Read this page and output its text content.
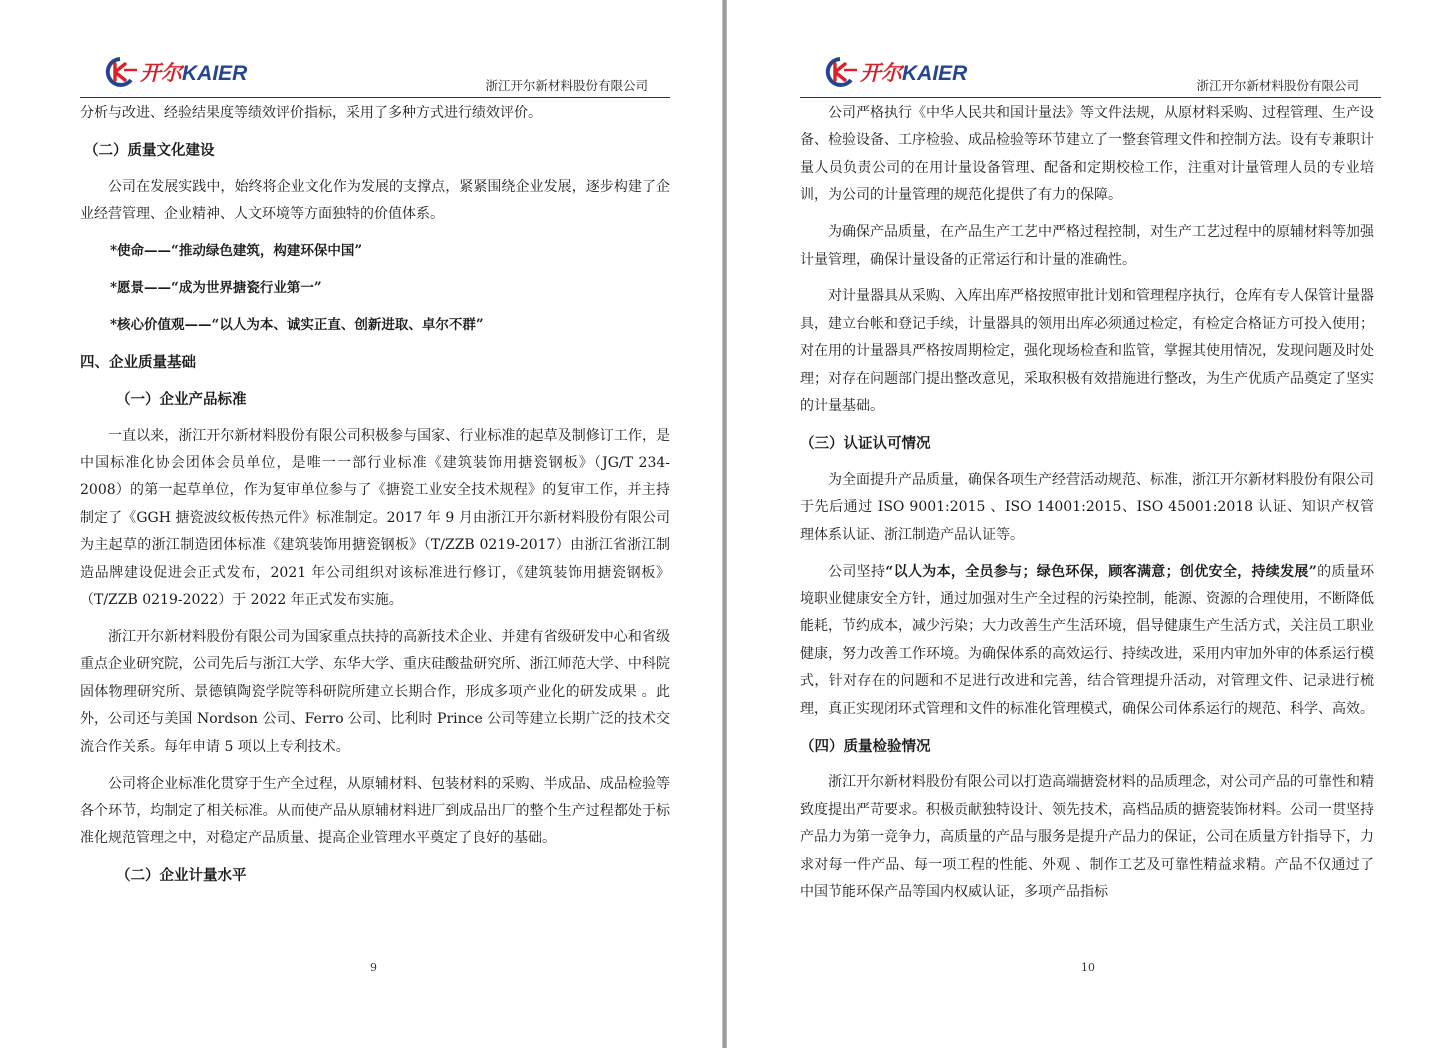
开尔KAIER
浙江开尔新材料股份有限公司

分析与改进、经验结果度等绩效评价指标，采用了多种方式进行绩效评价。

（二）质量文化建设

公司在发展实践中，始终将企业文化作为发展的支撑点，紧紧围绕企业发展，逐步构建了企业经营管理、企业精神、人文环境等方面独特的价值体系。

*使命——“推动绿色建筑，构建环保中国”

*愿景——“成为世界搪瓷行业第一”

*核心价值观——“以人为本、诚实正直、创新进取、卓尔不群”

四、企业质量基础

（一）企业产品标准

一直以来，浙江开尔新材料股份有限公司积极参与国家、行业标准的起草及制修订工作，是中国标准化协会团体会员单位，是唯一一部行业标准《建筑装饰用搪瓷钢板》（JG/T 234-2008）的第一起草单位，作为复审单位参与了《搪瓷工业安全技术规程》的复审工作，并主持制定了《GGH 搪瓷波纹板传热元件》标准制定。2017 年 9 月由浙江开尔新材料股份有限公司为主起草的浙江制造团体标准《建筑装饰用搪瓷钢板》（T/ZZB 0219-2017）由浙江省浙江制造品牌建设促进会正式发布，2021 年公司组织对该标准进行修订，《建筑装饰用搪瓷钢板》（T/ZZB 0219-2022）于 2022 年正式发布实施。

浙江开尔新材料股份有限公司为国家重点扶持的高新技术企业、并建有省级研发中心和省级重点企业研究院，公司先后与浙江大学、东华大学、重庆硅酸盐研究所、浙江师范大学、中科院固体物理研究所、景德镇陶瓷学院等科研院所建立长期合作，形成多项产业化的研发成果 。此外，公司还与美国 Nordson 公司、Ferro 公司、比利时 Prince 公司等建立长期广泛的技术交流合作关系。每年申请 5 项以上专利技术。

公司将企业标准化贯穿于生产全过程，从原辅材料、包装材料的采购、半成品、成品检验等各个环节，均制定了相关标准。从而使产品从原辅材料进厂到成品出厂的整个生产过程都处于标准化规范管理之中，对稳定产品质量、提高企业管理水平奠定了良好的基础。

（二）企业计量水平

9
开尔KAIER
浙江开尔新材料股份有限公司

公司严格执行《中华人民共和国计量法》等文件法规，从原材料采购、过程管理、生产设备、检验设备、工序检验、成品检验等环节建立了一整套管理文件和控制方法。设有专兼职计量人员负责公司的在用计量设备管理、配备和定期校检工作，注重对计量管理人员的专业培训，为公司的计量管理的规范化提供了有力的保障。

为确保产品质量，在产品生产工艺中严格过程控制，对生产工艺过程中的原辅材料等加强计量管理，确保计量设备的正常运行和计量的准确性。

对计量器具从采购、入库出库严格按照审批计划和管理程序执行，仓库有专人保管计量器具，建立台帐和登记手续，计量器具的领用出库必须通过检定，有检定合格证方可投入使用；对在用的计量器具严格按周期检定，强化现场检查和监管，掌握其使用情况，发现问题及时处理；对存在问题部门提出整改意见，采取积极有效措施进行整改，为生产优质产品奠定了坚实的计量基础。

（三）认证认可情况

为全面提升产品质量，确保各项生产经营活动规范、标准，浙江开尔新材料股份有限公司于先后通过 ISO 9001:2015 、ISO 14001:2015、ISO 45001:2018 认证、知识产权管理体系认证、浙江制造产品认证等。

公司坚持“以人为本，全员参与；绿色环保，顾客满意；创优安全，持续发展”的质量环境职业健康安全方针，通过加强对生产全过程的污染控制，能源、资源的合理使用，不断降低能耗，节约成本，减少污染；大力改善生产生活环境，倡导健康生产生活方式，关注员工职业健康，努力改善工作环境。为确保体系的高效运行、持续改进，采用内审加外审的体系运行模式，针对存在的问题和不足进行改进和完善，结合管理提升活动，对管理文件、记录进行梳理，真正实现闭环式管理和文件的标准化管理模式，确保公司体系运行的规范、科学、高效。

（四）质量检验情况

浙江开尔新材料股份有限公司以打造高端搪瓷材料的品质理念，对公司产品的可靠性和精致度提出严苛要求。积极贡献独特设计、领先技术，高档品质的搪瓷装饰材料。公司一贯坚持产品力为第一竞争力，高质量的产品与服务是提升产品力的保证，公司在质量方针指导下，力求对每一件产品、每一项工程的性能、外观 、制作工艺及可靠性精益求精。产品不仅通过了中国节能环保产品等国内权威认证，多项产品指标

10
